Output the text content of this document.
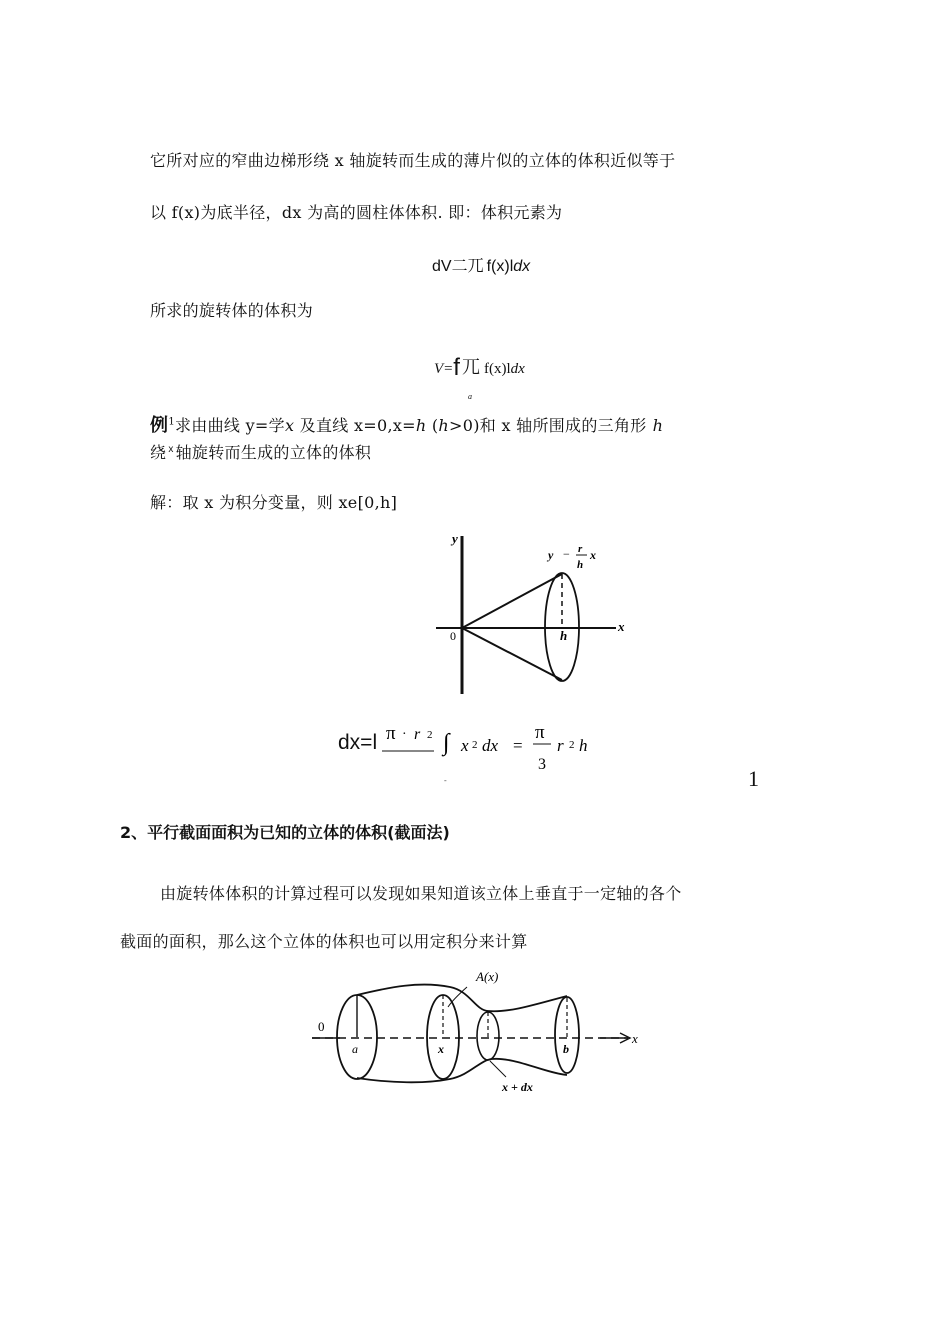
它所对应的窄曲边梯形绕 x 轴旋转而生成的薄片似的立体的体积近似等于
以 f(x)为底半径，dx 为高的圆柱体体积. 即：体积元素为
dV二兀 f(x)ldx
所求的旋转体的体积为
V=f 兀 f(x)ldx
a
例$^1$求由曲线 y=学x 及直线 x=0,x=h (h>0)和 x 轴所围成的三角形 h
绕 $^x$ 轴旋转而生成的立体的体积
解：取 x 为积分变量，则 xe[0,h]
y
x
0	h
y − r
h
x
dx=l π · r 2 ∫ x 2 dx =
π
3
r 2 h
-	1
2、平行截面面积为已知的立体的体积(截面法)
由旋转体体积的计算过程可以发现如果知道该立体上垂直于一定轴的各个
截面的面积，那么这个立体的体积也可以用定积分来计算
0
a	x	b
x
A(x)
x + dx
